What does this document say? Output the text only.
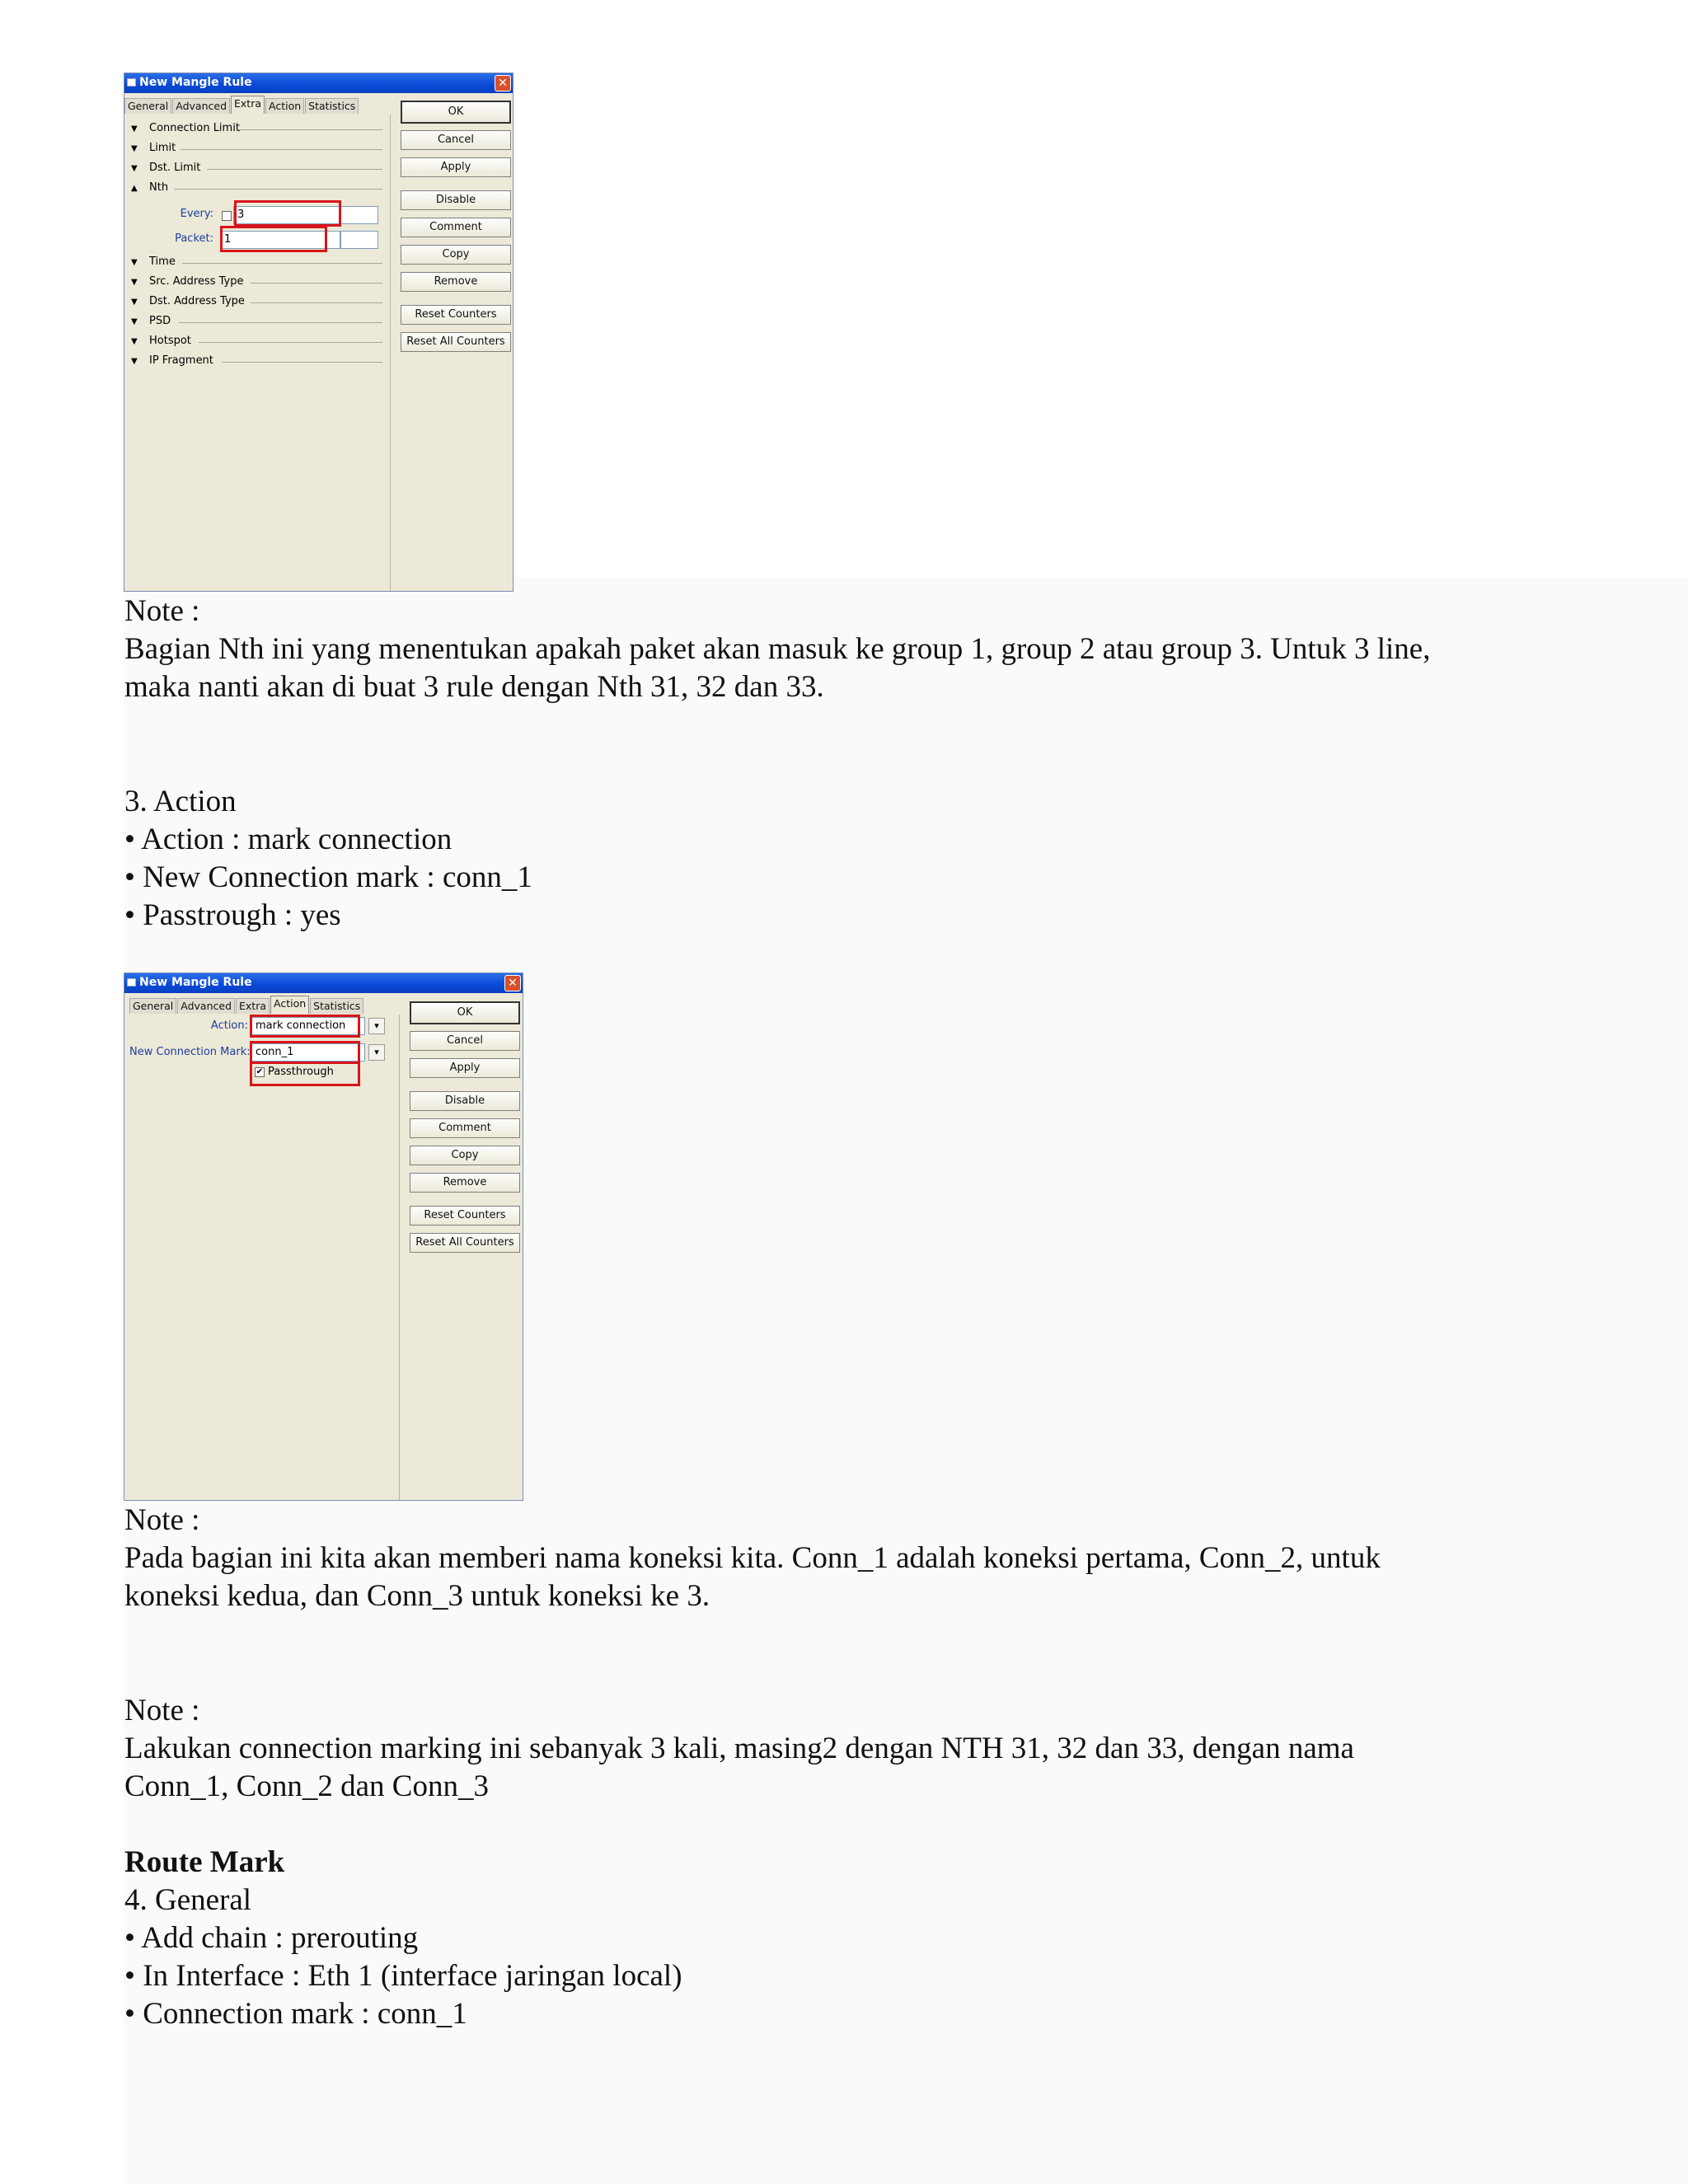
New Mangle Rule	✕
General Advanced Extra Action Statistics
▼ Connection Limit
▼ Limit
▼ Dst. Limit
▲ Nth
Every:	3
Packet:	1
▼ Time
▼ Src. Address Type
▼ Dst. Address Type
▼ PSD
▼ Hotspot
▼ IP Fragment
OK
Cancel
Apply
Disable
Comment
Copy
Remove
Reset Counters
Reset All Counters
Note :
Bagian Nth ini yang menentukan apakah paket akan masuk ke group 1, group 2 atau group 3. Untuk 3 line,
maka nanti akan di buat 3 rule dengan Nth 31, 32 dan 33.
3. Action
• Action : mark connection
• New Connection mark : conn_1
• Passtrough : yes
New Mangle Rule	✕
General Advanced Extra Action Statistics
Action: mark connection	▾
New Connection Mark: conn_1	▾
✔ Passthrough
OK
Cancel
Apply
Disable
Comment
Copy
Remove
Reset Counters
Reset All Counters
Note :
Pada bagian ini kita akan memberi nama koneksi kita. Conn_1 adalah koneksi pertama, Conn_2, untuk
koneksi kedua, dan Conn_3 untuk koneksi ke 3.
Note :
Lakukan connection marking ini sebanyak 3 kali, masing2 dengan NTH 31, 32 dan 33, dengan nama
Conn_1, Conn_2 dan Conn_3
Route Mark
4. General
• Add chain : prerouting
• In Interface : Eth 1 (interface jaringan local)
• Connection mark : conn_1
